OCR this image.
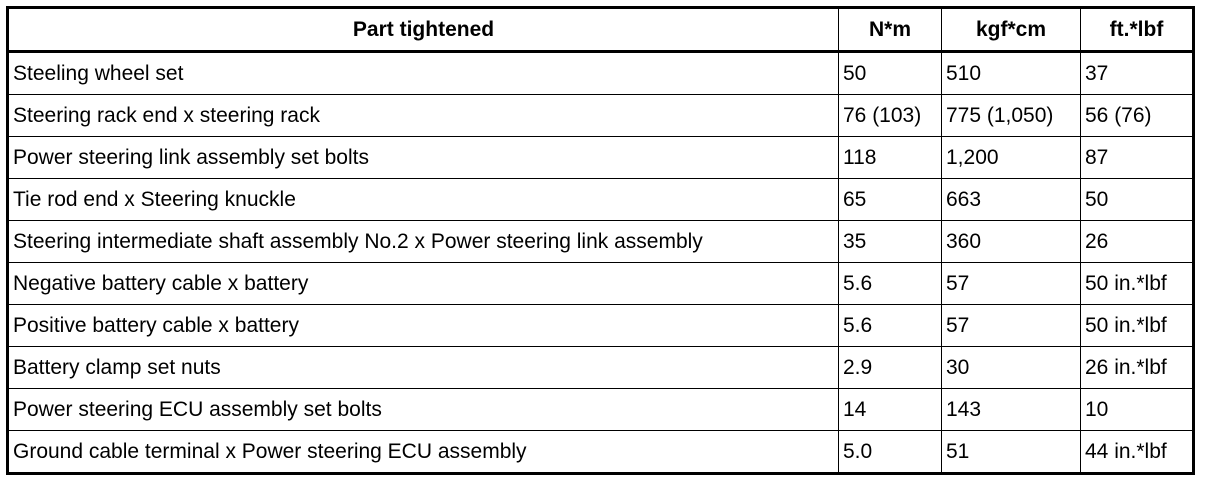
Part tightened	N*m	kgf*cm	ft.*lbf
Steeling wheel set	50	510	37
Steering rack end x steering rack	76 (103)	775 (1,050)	56 (76)
Power steering link assembly set bolts	118	1,200	87
Tie rod end x Steering knuckle	65	663	50
Steering intermediate shaft assembly No.2 x Power steering link assembly	35	360	26
Negative battery cable x battery	5.6	57	50 in.*lbf
Positive battery cable x battery	5.6	57	50 in.*lbf
Battery clamp set nuts	2.9	30	26 in.*lbf
Power steering ECU assembly set bolts	14	143	10
Ground cable terminal x Power steering ECU assembly	5.0	51	44 in.*lbf
